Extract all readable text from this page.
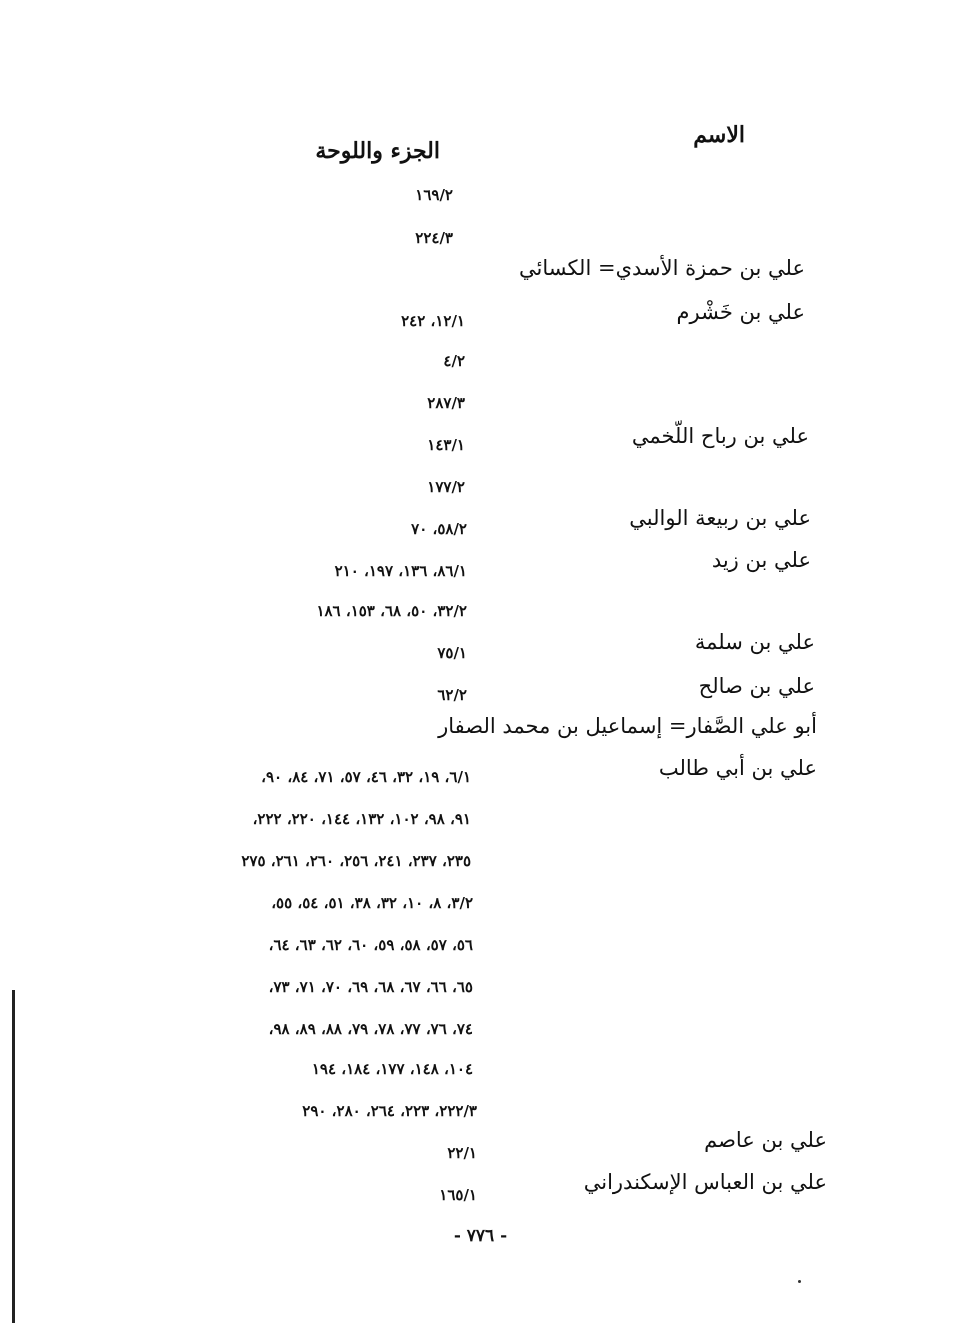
الاسم
الجزء واللوحة
علي بن حمزة الأسدي= الكسائي
علي بن خَشْرم
علي بن رباح اللّخمي
علي بن ربيعة الوالبي
علي بن زيد
علي بن سلمة
علي بن صالح
أبو علي الصَّفار= إسماعيل بن محمد الصفار
علي بن أبي طالب
علي بن عاصم
علي بن العباس الإسكندراني
١٦٩/٢
٢٢٤/٣
١٢/١، ٢٤٢
٤/٢
٢٨٧/٣
١٤٣/١
١٧٧/٢
٥٨/٢، ٧٠
٨٦/١، ١٣٦، ١٩٧، ٢١٠
٣٢/٢، ٥٠، ٦٨، ١٥٣، ١٨٦
٧٥/١
٦٢/٢
٦/١، ١٩، ٣٢، ٤٦، ٥٧، ٧١، ٨٤، ٩٠،
٩١، ٩٨، ١٠٢، ١٣٢، ١٤٤، ٢٢٠، ٢٢٢،
٢٣٥، ٢٣٧، ٢٤١، ٢٥٦، ٢٦٠، ٢٦١، ٢٧٥
٣/٢، ٨، ١٠، ٣٢، ٣٨، ٥١، ٥٤، ٥٥،
٥٦، ٥٧، ٥٨، ٥٩، ٦٠، ٦٢، ٦٣، ٦٤،
٦٥، ٦٦، ٦٧، ٦٨، ٦٩، ٧٠، ٧١، ٧٣،
٧٤، ٧٦، ٧٧، ٧٨، ٧٩، ٨٨، ٨٩، ٩٨،
١٠٤، ١٤٨، ١٧٧، ١٨٤، ١٩٤
٢٢٢/٣، ٢٢٣، ٢٦٤، ٢٨٠، ٢٩٠
٢٢/١
١٦٥/١
- ٧٧٦ -
